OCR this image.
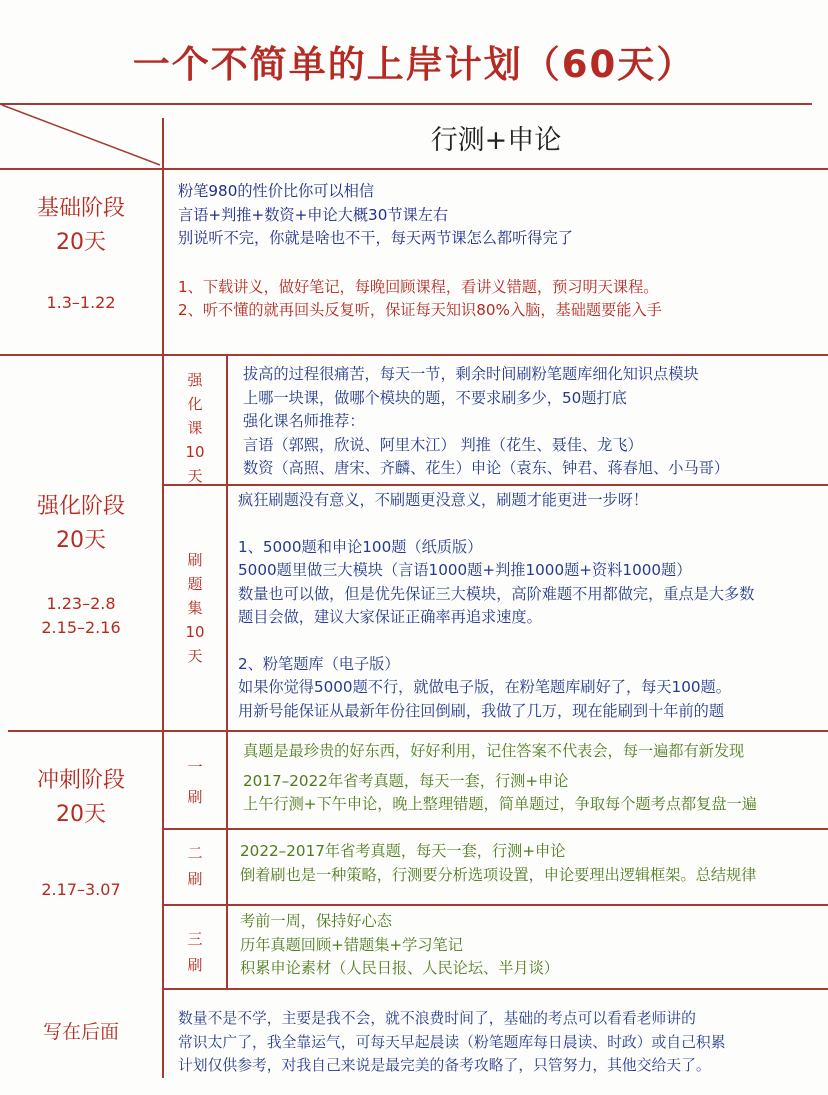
一个不简单的上岸计划（60天）
行测+申论
基础阶段
20天
1.3–1.22
粉笔980的性价比你可以相信
言语+判推+数资+申论大概30节课左右
别说听不完，你就是啥也不干，每天两节课怎么都听得完了
1、下载讲义，做好笔记，每晚回顾课程，看讲义错题，预习明天课程。
2、听不懂的就再回头反复听，保证每天知识80%入脑，基础题要能入手
强化阶段
20天
1.23–2.8
2.15–2.16
强
化
课
10
天
拔高的过程很痛苦，每天一节，剩余时间刷粉笔题库细化知识点模块
上哪一块课，做哪个模块的题，不要求刷多少，50题打底
强化课名师推荐：
言语（郭熙，欣说、阿里木江） 判推（花生、聂佳、龙飞）
数资（高照、唐宋、齐麟、花生）申论（袁东、钟君、蒋春旭、小马哥）
刷
题
集
10
天
疯狂刷题没有意义，不刷题更没意义，刷题才能更进一步呀！
1、5000题和申论100题（纸质版）
5000题里做三大模块（言语1000题+判推1000题+资料1000题）
数量也可以做，但是优先保证三大模块，高阶难题不用都做完，重点是大多数
题目会做，建议大家保证正确率再追求速度。
2、粉笔题库（电子版）
如果你觉得5000题不行，就做电子版，在粉笔题库刷好了，每天100题。
用新号能保证从最新年份往回倒刷，我做了几万，现在能刷到十年前的题
冲刺阶段
20天
2.17–3.07
一
刷
真题是最珍贵的好东西，好好利用，记住答案不代表会，每一遍都有新发现
2017–2022年省考真题，每天一套，行测+申论
上午行测+下午申论，晚上整理错题，简单题过，争取每个题考点都复盘一遍
二
刷
2022–2017年省考真题，每天一套，行测+申论
倒着刷也是一种策略，行测要分析选项设置，申论要理出逻辑框架。总结规律
三
刷
考前一周，保持好心态
历年真题回顾+错题集+学习笔记
积累申论素材（人民日报、人民论坛、半月谈）
写在后面
数量不是不学，主要是我不会，就不浪费时间了，基础的考点可以看看老师讲的
常识太广了，我全靠运气，可每天早起晨读（粉笔题库每日晨读、时政）或自己积累
计划仅供参考，对我自己来说是最完美的备考攻略了，只管努力，其他交给天了。
